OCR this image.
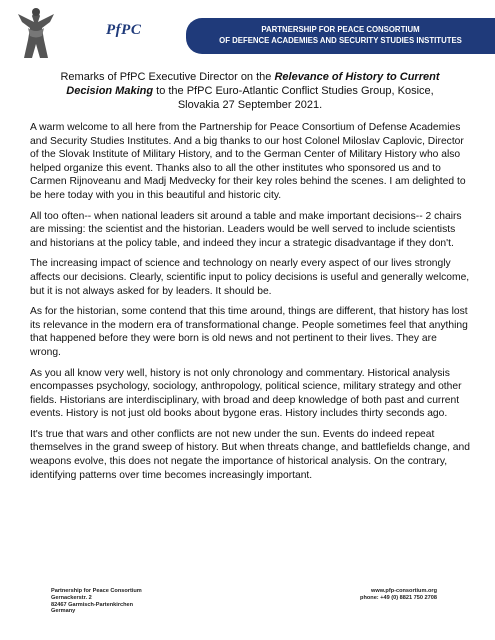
PfPC	PARTNERSHIP FOR PEACE CONSORTIUM
OF DEFENCE ACADEMIES AND SECURITY STUDIES INSTITUTES
Remarks of PfPC Executive Director on the Relevance of History to Current Decision Making to the PfPC Euro-Atlantic Conflict Studies Group, Kosice, Slovakia 27 September 2021.

A warm welcome to all here from the Partnership for Peace Consortium of Defense Academies and Security Studies Institutes. And a big thanks to our host Colonel Miloslav Caplovic, Director of the Slovak Institute of Military History, and to the German Center of Military History who also helped organize this event. Thanks also to all the other institutes who sponsored us and to Carmen Rijnoveanu and Madj Medvecky for their key roles behind the scenes. I am delighted to be here today with you in this beautiful and historic city.

All too often-- when national leaders sit around a table and make important decisions-- 2 chairs are missing: the scientist and the historian. Leaders would be well served to include scientists and historians at the policy table, and indeed they incur a strategic disadvantage if they don't.

The increasing impact of science and technology on nearly every aspect of our lives strongly affects our decisions. Clearly, scientific input to policy decisions is useful and generally welcome, but it is not always asked for by leaders. It should be.

As for the historian, some contend that this time around, things are different, that history has lost its relevance in the modern era of transformational change. People sometimes feel that anything that happened before they were born is old news and not pertinent to their lives. They are wrong.

As you all know very well, history is not only chronology and commentary. Historical analysis encompasses psychology, sociology, anthropology, political science, military strategy and other fields. Historians are interdisciplinary, with broad and deep knowledge of both past and current events. History is not just old books about bygone eras. History includes thirty seconds ago.

It's true that wars and other conflicts are not new under the sun. Events do indeed repeat themselves in the grand sweep of history. But when threats change, and battlefields change, and weapons evolve, this does not negate the importance of historical analysis. On the contrary, identifying patterns over time becomes increasingly important.

Partnership for Peace Consortium
Gernackerstr. 2
82467 Garmisch-Partenkirchen
Germany
www.pfp-consortium.org
phone: +49 (0) 8821 750 2708
